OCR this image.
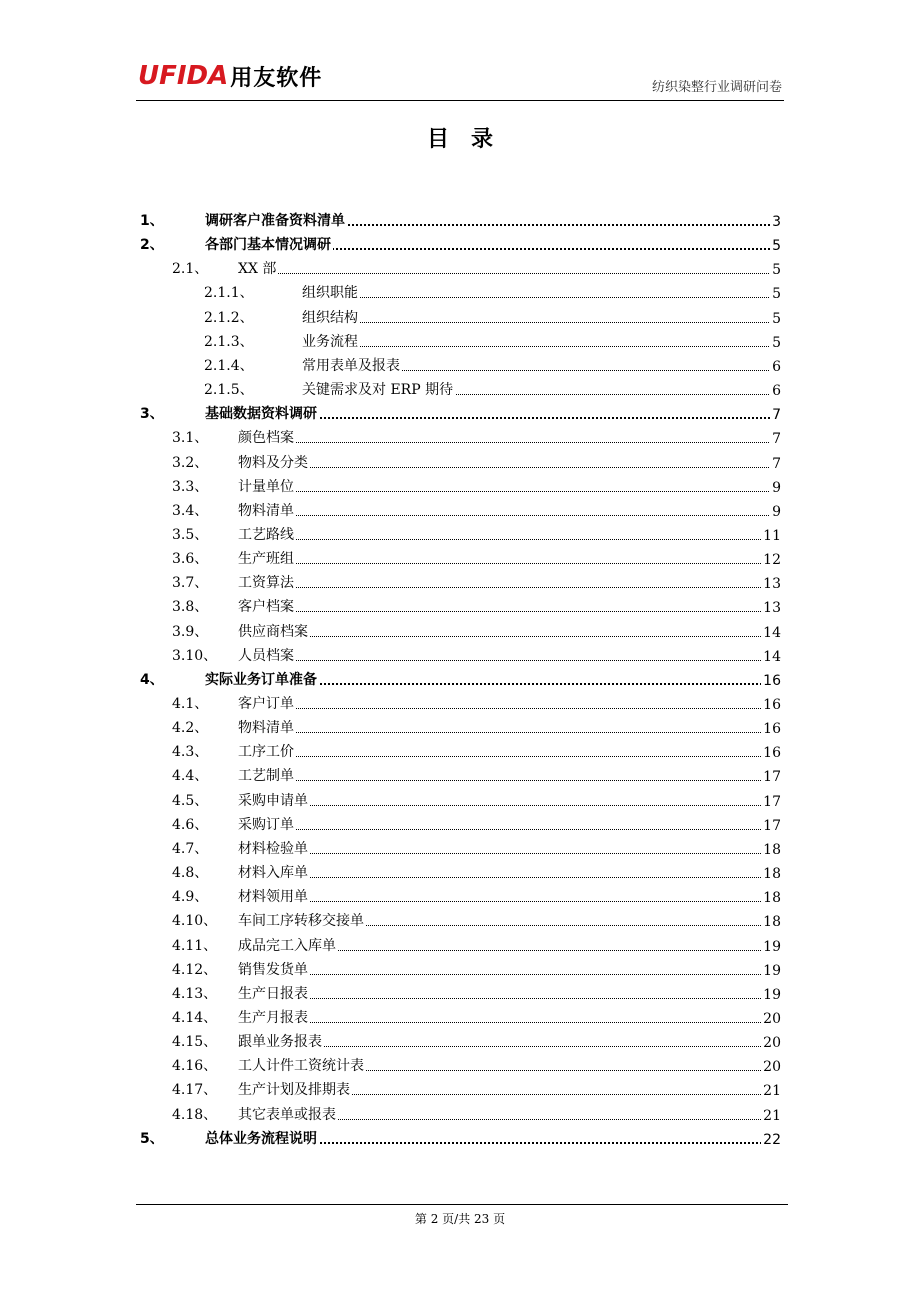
UFIDA 用友软件	纺织染整行业调研问卷
目录
1、	调研客户准备资料清单	3
2、	各部门基本情况调研	5
2.1、 XX 部	5
2.1.1、	组织职能	5
2.1.2、	组织结构	5
2.1.3、	业务流程	5
2.1.4、	常用表单及报表	6
2.1.5、	关键需求及对 ERP 期待	6
3、	基础数据资料调研	7
3.1、 颜色档案	7
3.2、 物料及分类	7
3.3、 计量单位	9
3.4、 物料清单	9
3.5、 工艺路线	11
3.6、 生产班组	12
3.7、 工资算法	13
3.8、 客户档案	13
3.9、 供应商档案	14
3.10、 人员档案	14
4、	实际业务订单准备	16
4.1、 客户订单	16
4.2、 物料清单	16
4.3、 工序工价	16
4.4、 工艺制单	17
4.5、 采购申请单	17
4.6、 采购订单	17
4.7、 材料检验单	18
4.8、 材料入库单	18
4.9、 材料领用单	18
4.10、 车间工序转移交接单	18
4.11、 成品完工入库单	19
4.12、 销售发货单	19
4.13、 生产日报表	19
4.14、 生产月报表	20
4.15、 跟单业务报表	20
4.16、 工人计件工资统计表	20
4.17、 生产计划及排期表	21
4.18、 其它表单或报表	21
5、	总体业务流程说明	22
第 2 页/共 23 页
